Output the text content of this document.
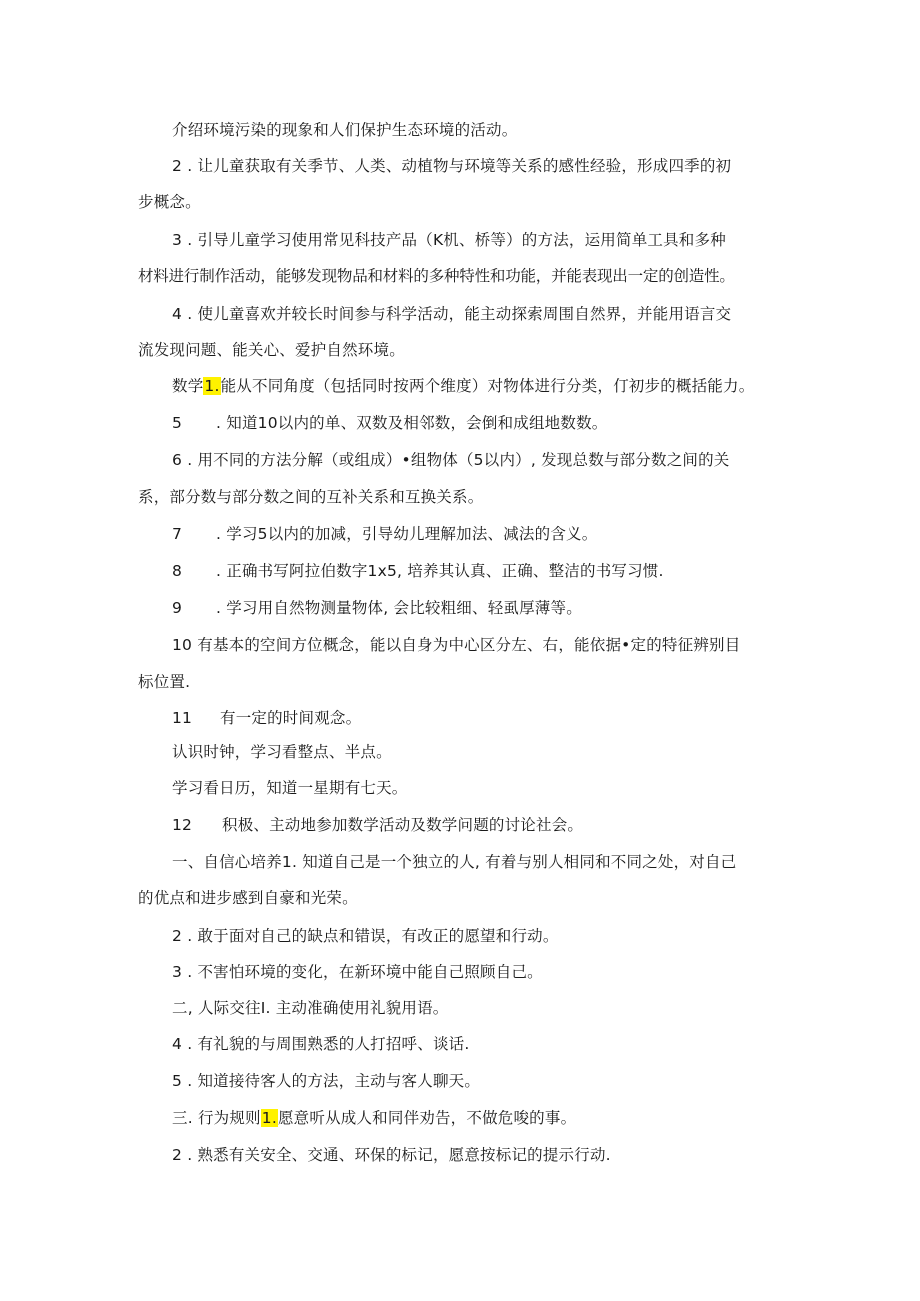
介绍环境污染的现象和人们保护生态环境的活动。
2 . 让儿童获取有关季节、人类、动植物与环境等关系的感性经验，形成四季的初
步概念。
3 . 引导儿童学习使用常见科技产品（K机、桥等）的方法，运用简单工具和多种
材料进行制作活动，能够发现物品和材料的多种特性和功能，并能表现出一定的创造性。
4 . 使儿童喜欢并较长时间参与科学活动，能主动探索周围自然界，并能用语言交
流发现问题、能关心、爱护自然环境。
数学1.能从不同角度（包括同时按两个维度）对物体进行分类，仃初步的概括能力。
5 . 知道10以内的单、双数及相邻数，会倒和成组地数数。
6 . 用不同的方法分解（或组成）•组物体（5以内）, 发现总数与部分数之间的关
系，部分数与部分数之间的互补关系和互换关系。
7 . 学习5以内的加减，引导幼儿理解加法、减法的含义。
8 . 正确书写阿拉伯数字1x5, 培养其认真、正确、整洁的书写习惯.
9 . 学习用自然物测量物体, 会比较粗细、轻虱厚薄等。
10 有基本的空间方位概念，能以自身为中心区分左、右，能依据•定的特征辨别目
标位置.
11 有一定的时间观念。
认识时钟，学习看整点、半点。
学习看日历，知道一星期有七天。
12 积极、主动地参加数学活动及数学问题的讨论社会。
一、自信心培养1. 知道自己是一个独立的人, 有着与别人相同和不同之处，对自己
的优点和进步感到自豪和光荣。
2 . 敢于面对自己的缺点和错误，有改正的愿望和行动。
3 . 不害怕环境的变化，在新环境中能自己照顾自己。
二, 人际交往I. 主动准确使用礼貌用语。
4 . 有礼貌的与周围熟悉的人打招呼、谈话.
5 . 知道接待客人的方法，主动与客人聊天。
三. 行为规则1.愿意听从成人和同伴劝告，不做危唆的事。
2 . 熟悉有关安全、交通、环保的标记，愿意按标记的提示行动.
